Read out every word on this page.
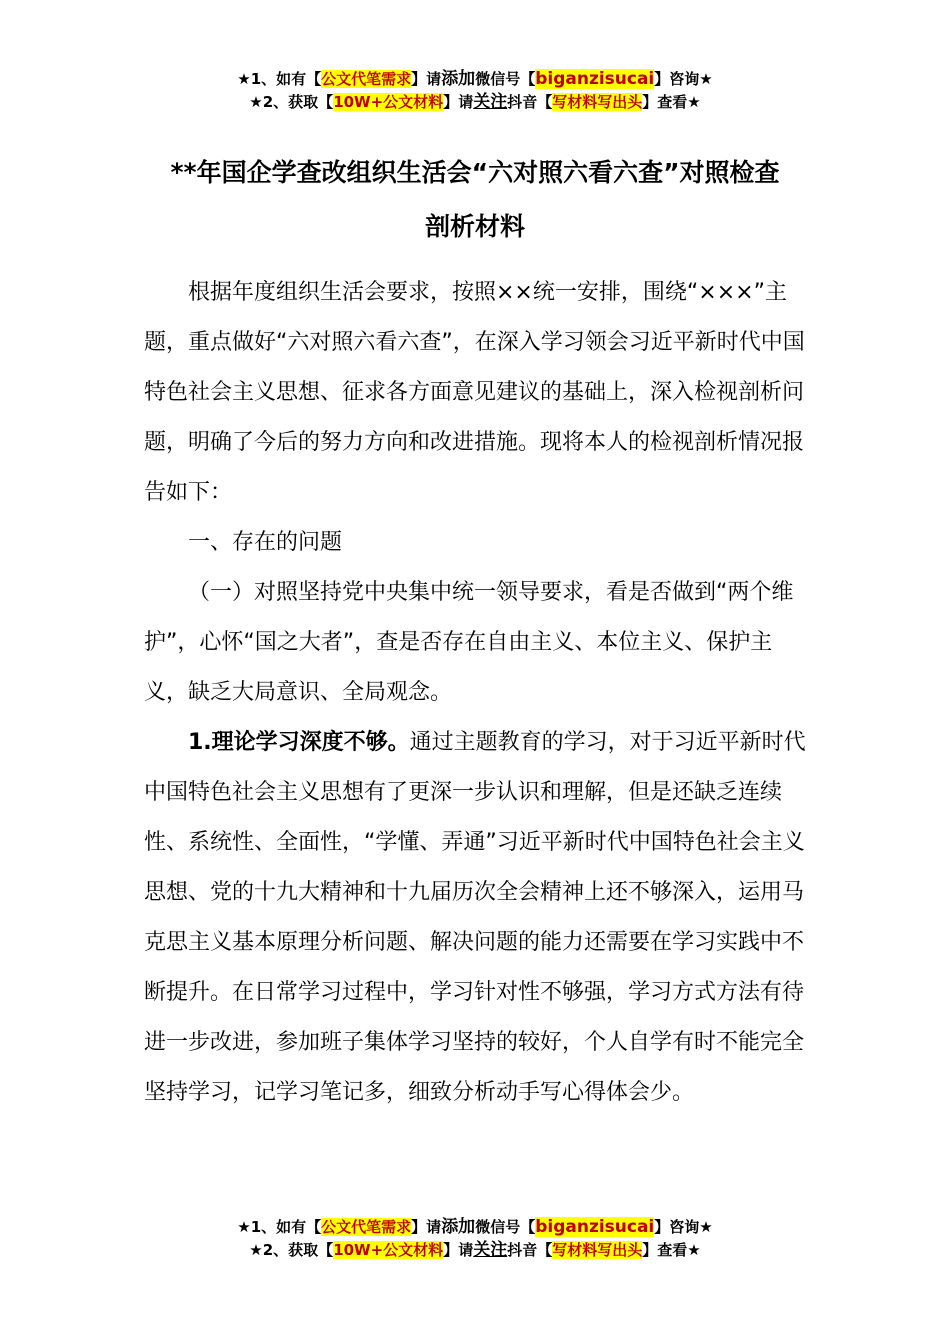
★1、如有【公文代笔需求】请添加微信号【biganzisucai】咨询★
★2、获取【10W+公文材料】请关注抖音【写材料写出头】查看★
**年国企学查改组织生活会“六对照六看六查”对照检查
剖析材料

根据年度组织生活会要求，按照××统一安排，围绕“×××”主题，重点做好“六对照六看六查”，在深入学习领会习近平新时代中国特色社会主义思想、征求各方面意见建议的基础上，深入检视剖析问题，明确了今后的努力方向和改进措施。现将本人的检视剖析情况报告如下：

一、存在的问题

（一）对照坚持党中央集中统一领导要求，看是否做到“两个维护”，心怀“国之大者”，查是否存在自由主义、本位主义、保护主义，缺乏大局意识、全局观念。

1.理论学习深度不够。通过主题教育的学习，对于习近平新时代中国特色社会主义思想有了更深一步认识和理解，但是还缺乏连续性、系统性、全面性，“学懂、弄通”习近平新时代中国特色社会主义思想、党的十九大精神和十九届历次全会精神上还不够深入，运用马克思主义基本原理分析问题、解决问题的能力还需要在学习实践中不断提升。在日常学习过程中，学习针对性不够强，学习方式方法有待进一步改进，参加班子集体学习坚持的较好，个人自学有时不能完全坚持学习，记学习笔记多，细致分析动手写心得体会少。

★1、如有【公文代笔需求】请添加微信号【biganzisucai】咨询★
★2、获取【10W+公文材料】请关注抖音【写材料写出头】查看★
